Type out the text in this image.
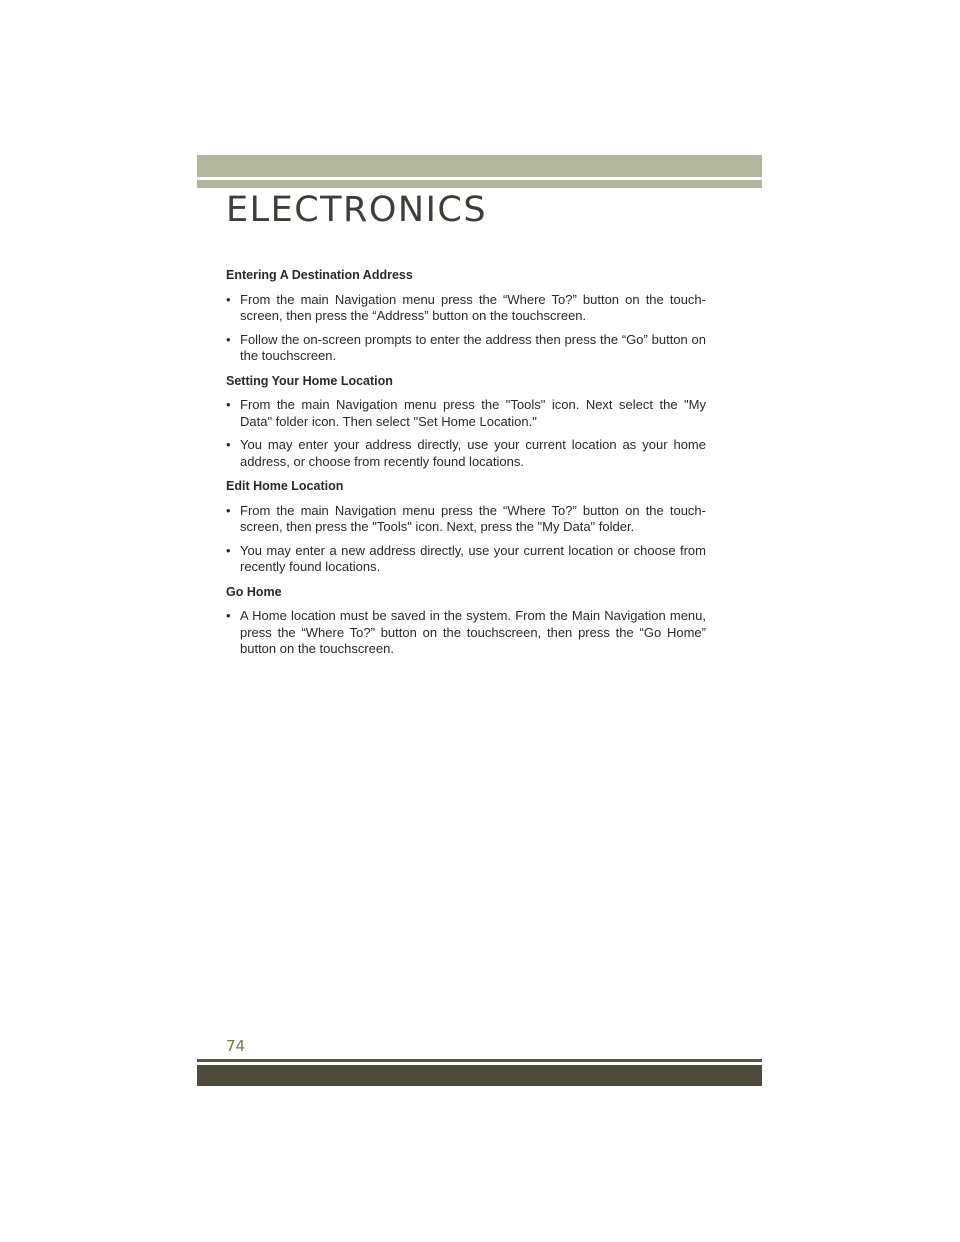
ELECTRONICS
Entering A Destination Address
• From the main Navigation menu press the “Where To?” button on the touch-screen, then press the “Address” button on the touchscreen.
• Follow the on-screen prompts to enter the address then press the “Go” button on the touchscreen.
Setting Your Home Location
• From the main Navigation menu press the "Tools" icon. Next select the "My Data" folder icon. Then select "Set Home Location."
• You may enter your address directly, use your current location as your home address, or choose from recently found locations.
Edit Home Location
• From the main Navigation menu press the “Where To?” button on the touch-screen, then press the "Tools" icon. Next, press the "My Data" folder.
• You may enter a new address directly, use your current location or choose from recently found locations.
Go Home
• A Home location must be saved in the system. From the Main Navigation menu, press the “Where To?” button on the touchscreen, then press the “Go Home” button on the touchscreen.
74
